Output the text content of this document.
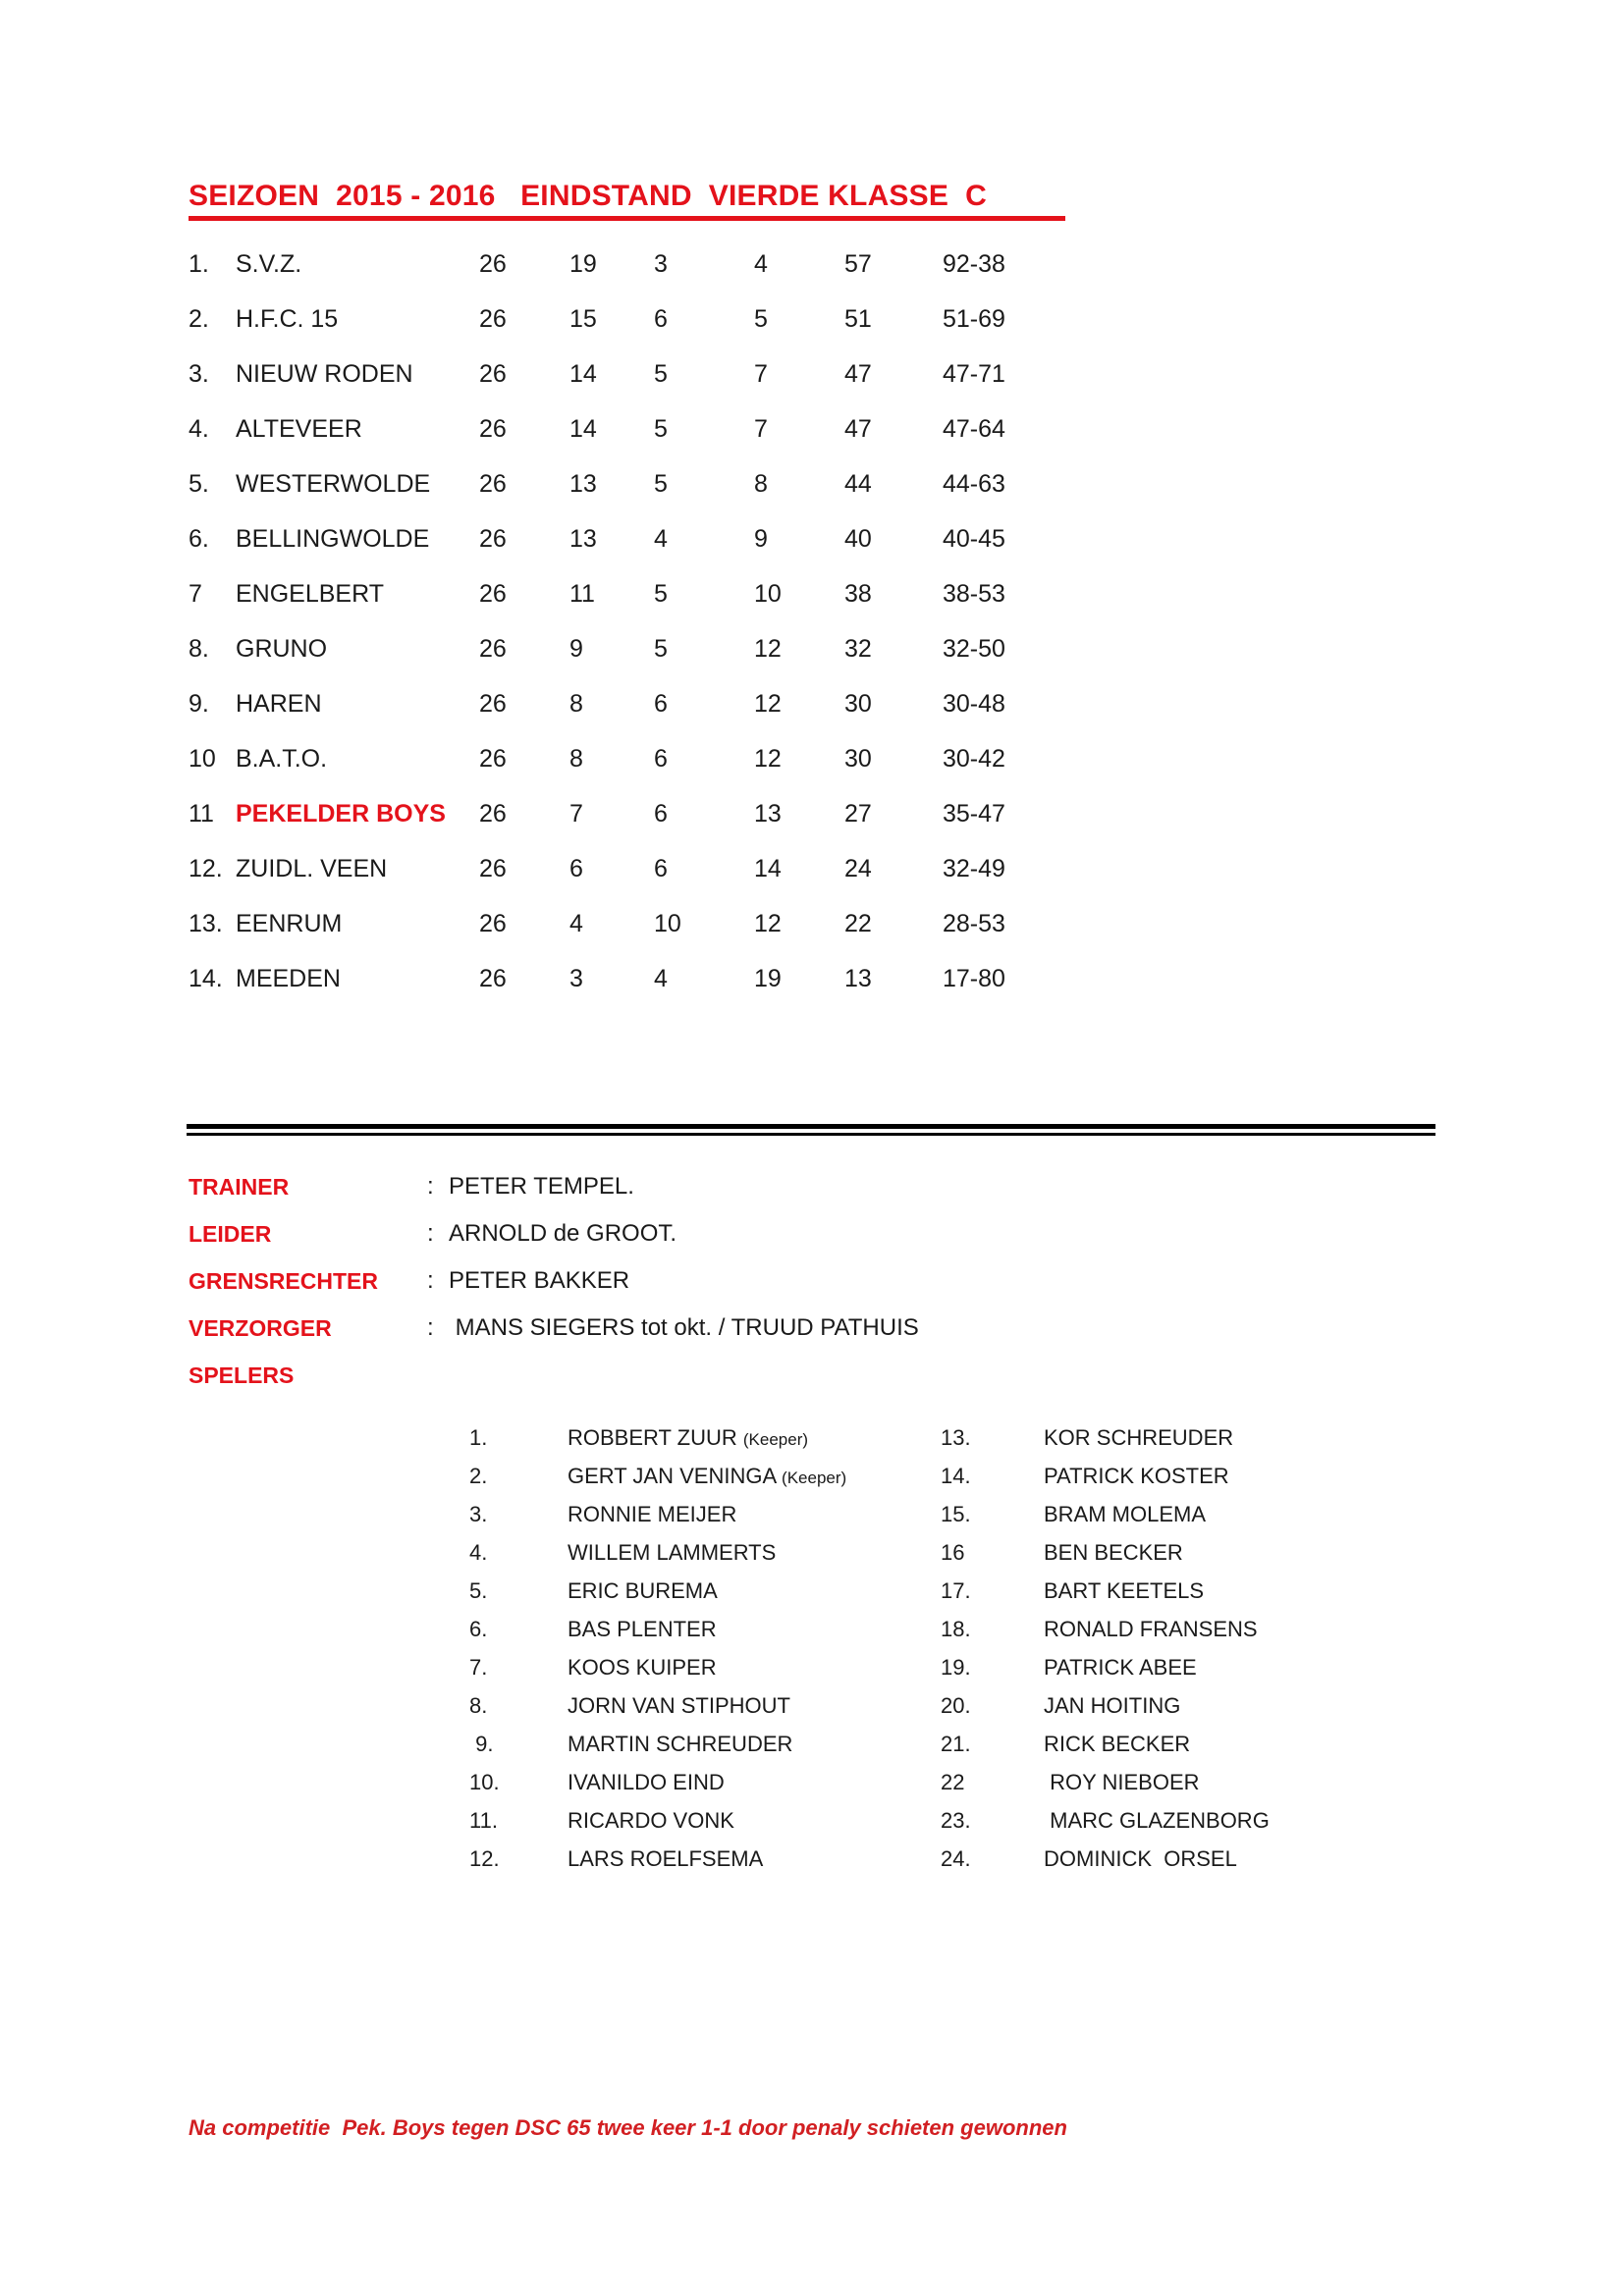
SEIZOEN  2015 - 2016   EINDSTAND  VIERDE KLASSE  C
1.	S.V.Z.	26	19	3	4	57	92-38
2.	H.F.C. 15	26	15	6	5	51	51-69
3.	NIEUW RODEN	26	14	5	7	47	47-71
4.	ALTEVEER	26	14	5	7	47	47-64
5.	WESTERWOLDE	26	13	5	8	44	44-63
6.	BELLINGWOLDE	26	13	4	9	40	40-45
7	ENGELBERT	26	11	5	10	38	38-53
8.	GRUNO	26	9	5	12	32	32-50
9.	HAREN	26	8	6	12	30	30-48
10	B.A.T.O.	26	8	6	12	30	30-42
11	PEKELDER BOYS	26	7	6	13	27	35-47
12.	ZUIDL. VEEN	26	6	6	14	24	32-49
13.	EENRUM	26	4	10	12	22	28-53
14.	MEEDEN	26	3	4	19	13	17-80
TRAINER	: PETER TEMPEL.
LEIDER	: ARNOLD de GROOT.
GRENSRECHTER	: PETER BAKKER
VERZORGER	: MANS SIEGERS tot okt. / TRUUD PATHUIS
SPELERS
1.	ROBBERT ZUUR (Keeper)	13.	KOR SCHREUDER
2.	GERT JAN VENINGA (Keeper)	14.	PATRICK KOSTER
3.	RONNIE MEIJER	15.	BRAM MOLEMA
4.	WILLEM LAMMERTS	16	BEN BECKER
5.	ERIC BUREMA	17.	BART KEETELS
6.	BAS PLENTER	18.	RONALD FRANSENS
7.	KOOS KUIPER	19.	PATRICK ABEE
8.	JORN VAN STIPHOUT	20.	JAN HOITING
9.	MARTIN SCHREUDER	21.	RICK BECKER
10.	IVANILDO EIND	22	ROY NIEBOER
11.	RICARDO VONK	23.	MARC GLAZENBORG
12.	LARS ROELFSEMA	24.	DOMINICK  ORSEL
Na competitie  Pek. Boys tegen DSC 65 twee keer 1-1 door penaly schieten gewonnen
